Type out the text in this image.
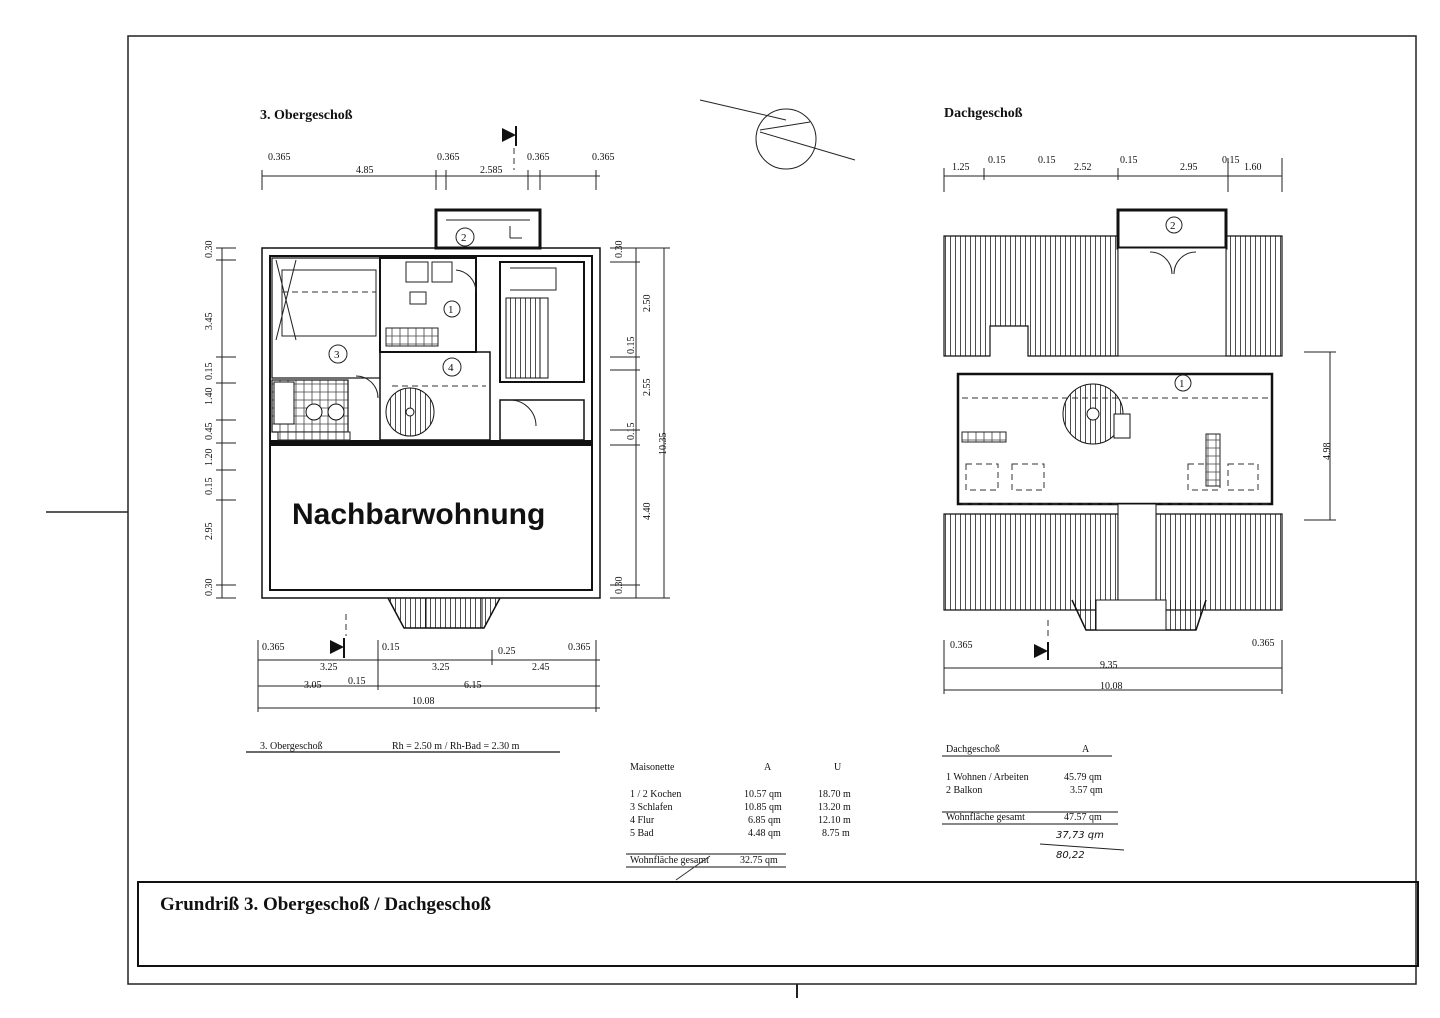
3. Obergeschoß
0.365
4.85
0.365
2.585
0.365	0.365
0.30
3.45
0.15
1.40
0.45
1.20
0.15
2.95
0.30
0.30
2.50
0.15
2.55
0.15
10.35
4.40
0.30
2
3
1
4
Nachbarwohnung
0.365	0.15	0.25	0.365
3.25	3.25	2.45
3.05	0.15	6.15
10.08
3. Obergeschoß	Rh = 2.50 m / Rh-Bad = 2.30 m
Dachgeschoß
1.25
0.15	0.15
2.52
0.15
2.95
0.15
1.60
2
1
4.98
0.365	0.365
9.35
10.08
Maisonette	A	U
1 / 2 Kochen	10.57 qm	18.70 m
3 Schlafen	10.85 qm	13.20 m
4 Flur	6.85 qm	12.10 m
5 Bad	4.48 qm	8.75 m
Wohnfläche gesamt	32.75 qm
Dachgeschoß	A
1 Wohnen / Arbeiten	45.79 qm
2 Balkon	3.57 qm
Wohnfläche gesamt	47.57 qm
37,73 qm
80,22
Grundriß 3. Obergeschoß / Dachgeschoß
